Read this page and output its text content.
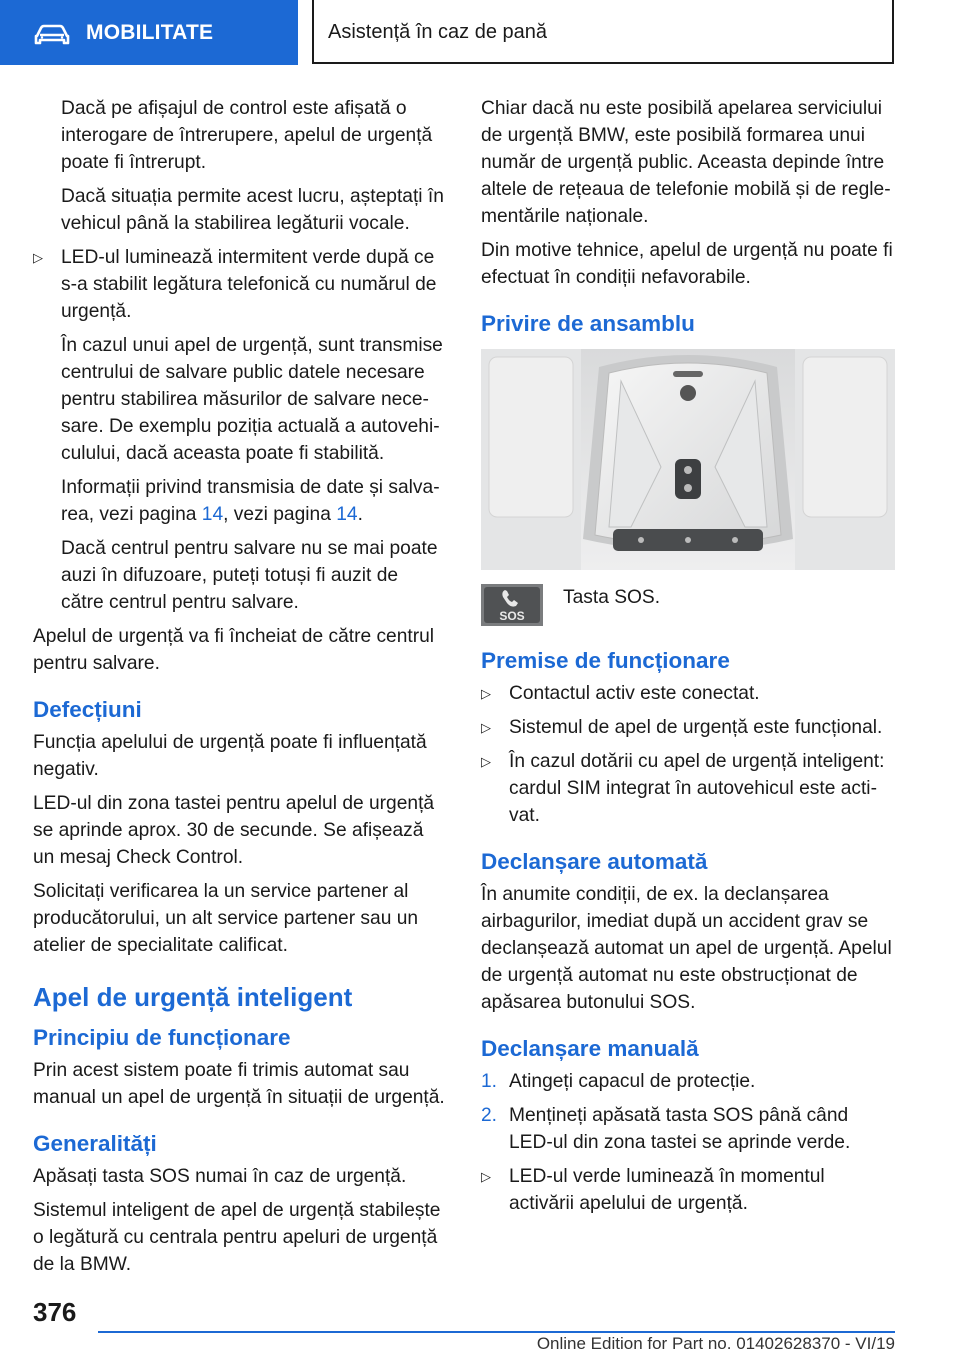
MOBILITATE	Asistență în caz de pană

Dacă pe afișajul de control este afișată o interogare de întrerupere, apelul de urgență poate fi întrerupt.

Dacă situația permite acest lucru, așteptați în vehicul până la stabilirea legăturii vocale.

▷ LED-ul luminează intermitent verde după ce s-a stabilit legătura telefonică cu numărul de urgență.

În cazul unui apel de urgență, sunt transmise centrului de salvare public datele necesare pentru stabilirea măsurilor de salvare necesare. De exemplu poziția actuală a autovehiculului, dacă aceasta poate fi stabilită.

Informații privind transmisia de date și salvarea, vezi pagina 14, vezi pagina 14.

Dacă centrul pentru salvare nu se mai poate auzi în difuzoare, puteți totuși fi auzit de către centrul pentru salvare.

Apelul de urgență va fi încheiat de către centrul pentru salvare.

Defecțiuni

Funcția apelului de urgență poate fi influențată negativ.

LED-ul din zona tastei pentru apelul de urgență se aprinde aprox. 30 de secunde. Se afișează un mesaj Check Control.

Solicitați verificarea la un service partener al producătorului, un alt service partener sau un atelier de specialitate calificat.

Apel de urgență inteligent
Principiu de funcționare

Prin acest sistem poate fi trimis automat sau manual un apel de urgență în situații de urgență.

Generalități

Apăsați tasta SOS numai în caz de urgență.

Sistemul inteligent de apel de urgență stabilește o legătură cu centrala pentru apeluri de urgență de la BMW.

Chiar dacă nu este posibilă apelarea serviciului de urgență BMW, este posibilă formarea unui număr de urgență public. Aceasta depinde între altele de rețeaua de telefonie mobilă și de reglementările naționale.

Din motive tehnice, apelul de urgență nu poate fi efectuat în condiții nefavorabile.

Privire de ansamblu
SOS
Tasta SOS.
Premise de funcționare
▷ Contactul activ este conectat.
▷ Sistemul de apel de urgență este funcțional.
▷ În cazul dotării cu apel de urgență inteligent: cardul SIM integrat în autovehicul este activat.
Declanșare automată

În anumite condiții, de ex. la declanșarea airbagurilor, imediat după un accident grav se declanșează automat un apel de urgență. Apelul de urgență automat nu este obstrucționat de apăsarea butonului SOS.

Declanșare manuală
1. Atingeți capacul de protecție.
2. Mențineți apăsată tasta SOS până când LED-ul din zona tastei se aprinde verde.
▷ LED-ul verde luminează în momentul activării apelului de urgență.
376
Online Edition for Part no. 01402628370 - VI/19
